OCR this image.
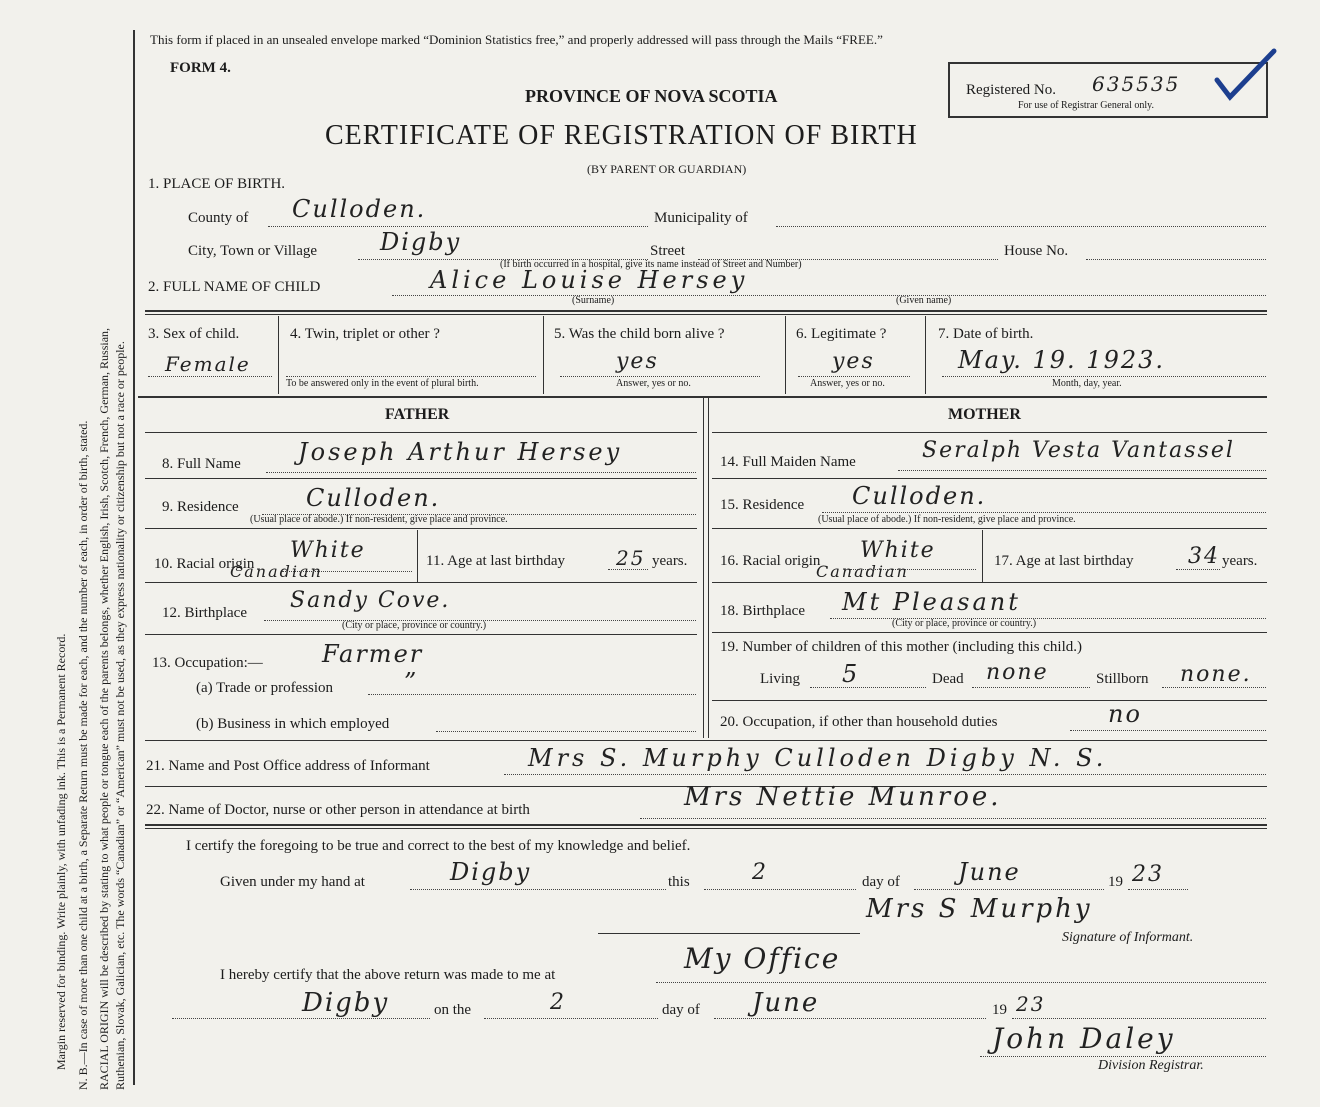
Margin reserved for binding. Write plainly, with unfading ink. This is a Permanent Record. N. B.—In case of more than one child at a birth, a Separate Return must be made for each, and the number of each, in order of birth, stated. RACIAL ORIGIN will be described by stating to what people or tongue each of the parents belongs, whether English, Irish, Scotch, French, German, Russian, Ruthenian, Slovak, Galician, etc. The words “Canadian” or “American” must not be used, as they express nationality or citizenship but not a race or people.
This form if placed in an unsealed envelope marked “Dominion Statistics free,” and properly addressed will pass through the Mails “FREE.”
FORM 4.
PROVINCE OF NOVA SCOTIA
CERTIFICATE OF REGISTRATION OF BIRTH
(BY PARENT OR GUARDIAN)
Registered No. 635535
For use of Registrar General only.
1. PLACE OF BIRTH.
County of Culloden.	Municipality of
City, Town or Village	Digby	Street	House No.
(If birth occurred in a hospital, give its name instead of Street and Number)
2. FULL NAME OF CHILD	Alice Louise Hersey
(Surname)	(Given name)
3. Sex of child.
Female
4. Twin, triplet or other ?
To be answered only in the event of plural birth.
5. Was the child born alive ?
yes
Answer, yes or no.
6. Legitimate ?
yes
Answer, yes or no.
7. Date of birth.
May. 19. 1923.
Month, day, year.
FATHER	MOTHER
8. Full Name Joseph Arthur Hersey
9. Residence	Culloden.
(Usual place of abode.) If non-resident, give place and province.
10. Racial origin
White
Canadian
11. Age at last birthday	25 years.
12. Birthplace Sandy Cove.
(City or place, province or country.)
13. Occupation:— Farmer
(a) Trade or profession	”
(b) Business in which employed
14. Full Maiden Name	Seralph Vesta Vantassel
15. Residence Culloden.
(Usual place of abode.) If non-resident, give place and province.
16. Racial origin White
Canadian
17. Age at last birthday 34 years.
18. Birthplace Mt Pleasant
(City or place, province or country.)
19. Number of children of this mother (including this child.)
Living 5	Dead none	Stillborn none.
20. Occupation, if other than household duties	no
21. Name and Post Office address of Informant	Mrs S. Murphy Culloden Digby N. S.
22. Name of Doctor, nurse or other person in attendance at birth	Mrs Nettie Munroe.
I certify the foregoing to be true and correct to the best of my knowledge and belief.
Given under my hand at	Digby	this	2	day of June	19 23
Mrs S Murphy
Signature of Informant.
I hereby certify that the above return was made to me at	My Office
Digby	on the	2	day of June	19 23
John Daley
Division Registrar.
